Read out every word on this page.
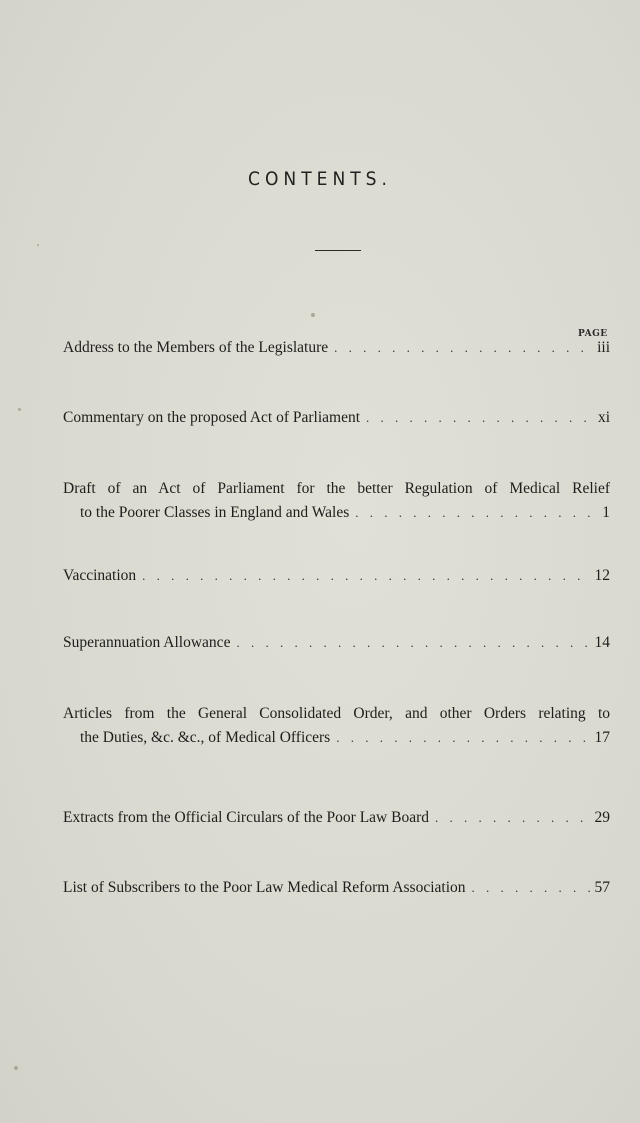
CONTENTS.
PAGE
Address to the Members of the Legislature . . .	iii
Commentary on the proposed Act of Parliament . . .	xi
Draft of an Act of Parliament for the better Regulation of Medical Relief
to the Poorer Classes in England and Wales . . .	1
Vaccination . . .	12
Superannuation Allowance . . .	14
Articles from the General Consolidated Order, and other Orders relating to
the Duties, &c. &c., of Medical Officers . . .	17
Extracts from the Official Circulars of the Poor Law Board . . .	29
List of Subscribers to the Poor Law Medical Reform Association . . .	57
